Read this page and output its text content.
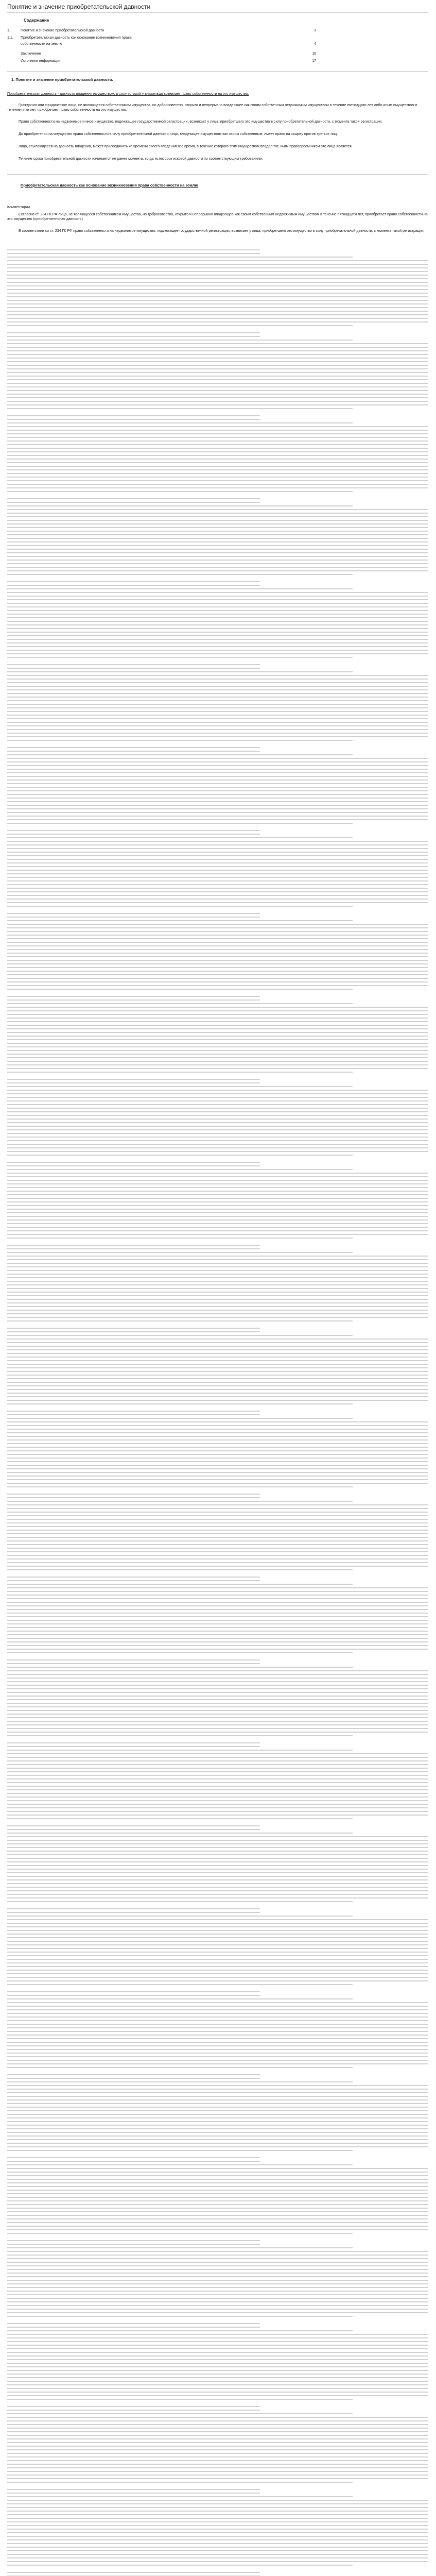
Понятие и значение приобретательской давности
Содержание
1.	Понятие и значение приобретательской давности	3
1.1. Приобретательская давность как основание возникновения права
собственности на землю	4
Заключение	16
Источники информации	17
1. Понятие и значение приобретательской давности.

Приобретательская давность - давность владения имуществом, в силу которой у владельца возникает право собственности на это имущество.

Гражданин или юридическое лицо, не являющееся собственником имущества, но добросовестно, открыто и непрерывно владеющее как своим собственным недвижимым имуществом в течение пятнадцати лет либо иным имуществом в течение пяти лет, приобретает право собственности на это имущество.

Право собственности на недвижимое и иное имущество, подлежащее государственной регистрации, возникает у лица, приобретшего это имущество в силу приобретательной давности, с момента такой регистрации.

До приобретения на имущество права собственности в силу приобретательной давности лицо, владеющее имуществом как своим собственным, имеет право на защиту против третьих лиц.

Лицо, ссылающееся на давность владения, может присоединить ко времени своего владения все время, в течение которого этим имуществом владел тот, чьим правопреемником это лицо является.

Течение срока приобретательной давности начинается не ранее момента, когда истек срок исковой давности по соответствующим требованиям.

Приобретательская давность как основание возникновения права собственности на землю

Комментарии

Согласно ст. 234 ГК РФ лицо, не являющееся собственником имущества, но добросовестно, открыто и непрерывно владеющее как своим собственным недвижимым имуществом в течение пятнадцати лет, приобретает право собственности на это имущество (приобретательная давность).

В соответствии со ст. 234 ГК РФ право собственности на недвижимое имущество, подлежащее государственной регистрации, возникает у лица, приобретшего это имущество в силу приобретательной давности, с момента такой регистрации.
